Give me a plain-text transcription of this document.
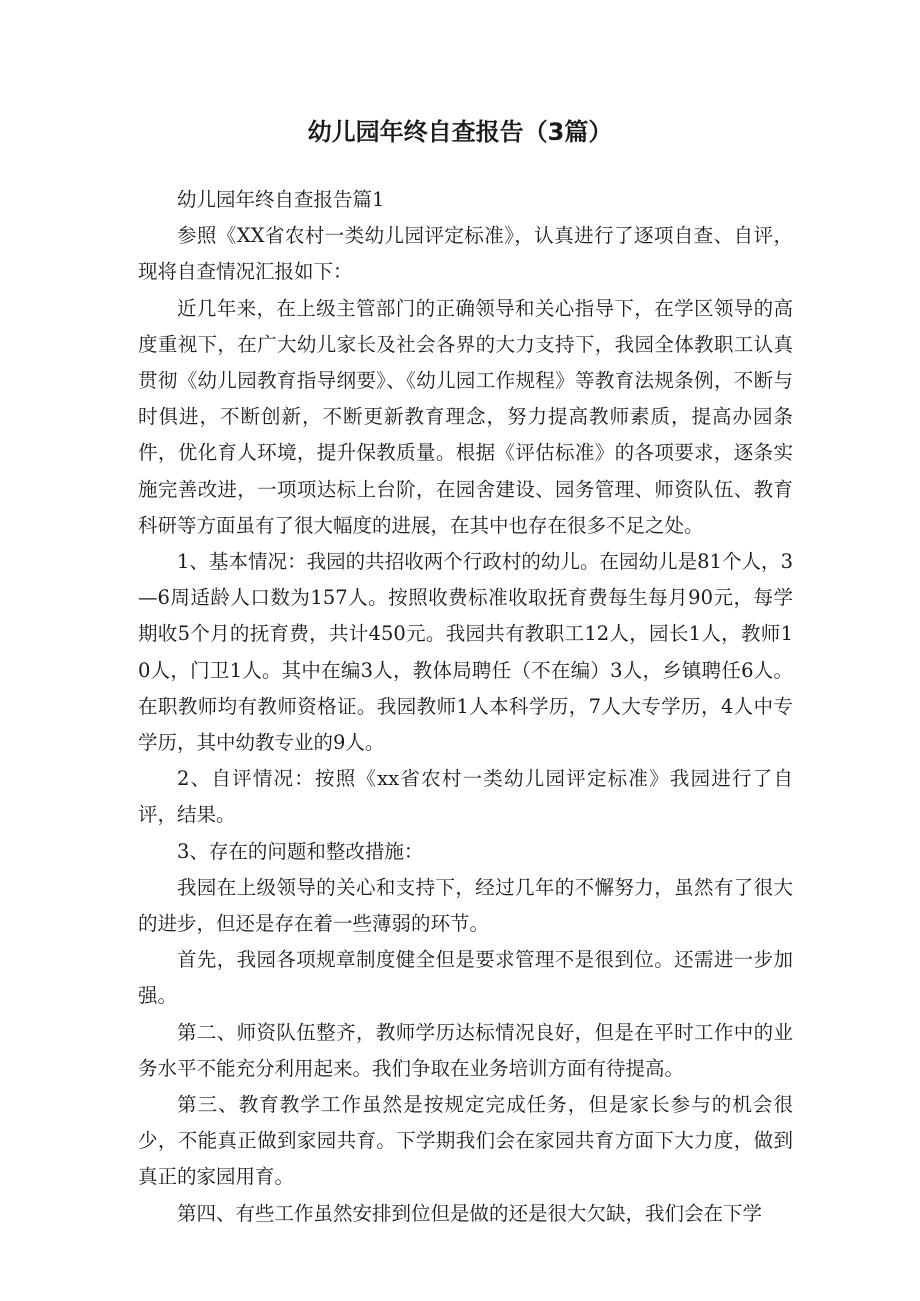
幼儿园年终自查报告（3篇）

幼儿园年终自查报告篇1

参照《XX省农村一类幼儿园评定标准》，认真进行了逐项自查、自评，现将自查情况汇报如下：

近几年来，在上级主管部门的正确领导和关心指导下，在学区领导的高度重视下，在广大幼儿家长及社会各界的大力支持下，我园全体教职工认真贯彻《幼儿园教育指导纲要》、《幼儿园工作规程》等教育法规条例，不断与时俱进，不断创新，不断更新教育理念，努力提高教师素质，提高办园条件，优化育人环境，提升保教质量。根据《评估标准》的各项要求，逐条实施完善改进，一项项达标上台阶，在园舍建设、园务管理、师资队伍、教育科研等方面虽有了很大幅度的进展，在其中也存在很多不足之处。

1、基本情况：我园的共招收两个行政村的幼儿。在园幼儿是81个人，3—6周适龄人口数为157人。按照收费标准收取抚育费每生每月90元，每学期收5个月的抚育费，共计450元。我园共有教职工12人，园长1人，教师10人，门卫1人。其中在编3人，教体局聘任（不在编）3人，乡镇聘任6人。在职教师均有教师资格证。我园教师1人本科学历，7人大专学历，4人中专学历，其中幼教专业的9人。

2、自评情况：按照《xx省农村一类幼儿园评定标准》我园进行了自评，结果。

3、存在的问题和整改措施：

我园在上级领导的关心和支持下，经过几年的不懈努力，虽然有了很大的进步，但还是存在着一些薄弱的环节。

首先，我园各项规章制度健全但是要求管理不是很到位。还需进一步加强。

第二、师资队伍整齐，教师学历达标情况良好，但是在平时工作中的业务水平不能充分利用起来。我们争取在业务培训方面有待提高。

第三、教育教学工作虽然是按规定完成任务，但是家长参与的机会很少，不能真正做到家园共育。下学期我们会在家园共育方面下大力度，做到真正的家园用育。

第四、有些工作虽然安排到位但是做的还是很大欠缺，我们会在下学
